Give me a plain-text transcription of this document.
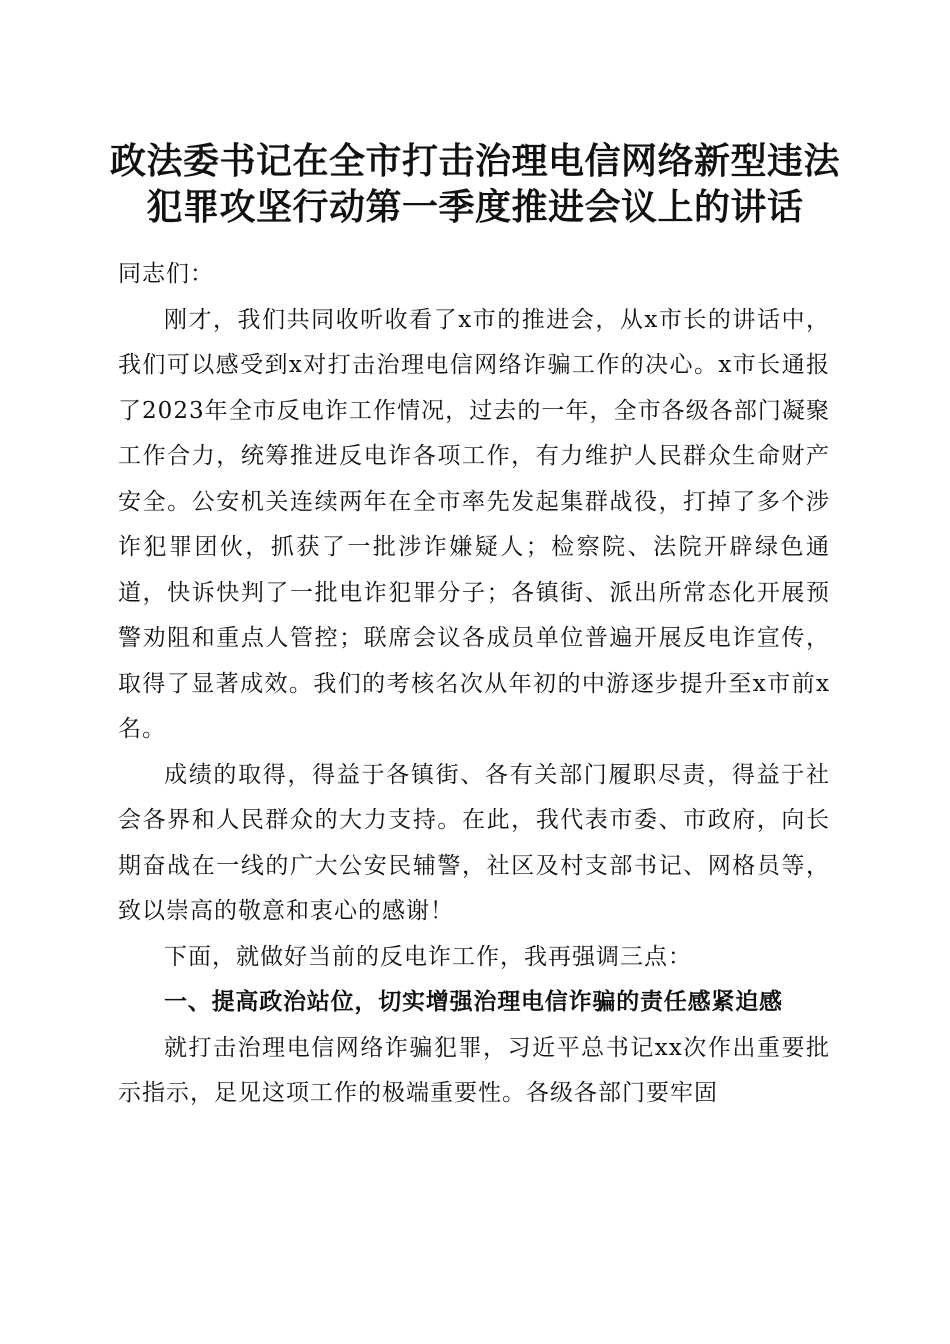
政法委书记在全市打击治理电信网络新型违法
犯罪攻坚行动第一季度推进会议上的讲话

同志们：

刚才，我们共同收听收看了x市的推进会，从x市长的讲话中，我们可以感受到x对打击治理电信网络诈骗工作的决心。x市长通报了2023年全市反电诈工作情况，过去的一年，全市各级各部门凝聚工作合力，统筹推进反电诈各项工作，有力维护人民群众生命财产安全。公安机关连续两年在全市率先发起集群战役，打掉了多个涉诈犯罪团伙，抓获了一批涉诈嫌疑人；检察院、法院开辟绿色通道，快诉快判了一批电诈犯罪分子；各镇街、派出所常态化开展预警劝阻和重点人管控；联席会议各成员单位普遍开展反电诈宣传，取得了显著成效。我们的考核名次从年初的中游逐步提升至x市前x名。

成绩的取得，得益于各镇街、各有关部门履职尽责，得益于社会各界和人民群众的大力支持。在此，我代表市委、市政府，向长期奋战在一线的广大公安民辅警，社区及村支部书记、网格员等，致以崇高的敬意和衷心的感谢！

下面，就做好当前的反电诈工作，我再强调三点：

一、提高政治站位，切实增强治理电信诈骗的责任感紧迫感

就打击治理电信网络诈骗犯罪，习近平总书记xx次作出重要批示指示，足见这项工作的极端重要性。各级各部门要牢固
